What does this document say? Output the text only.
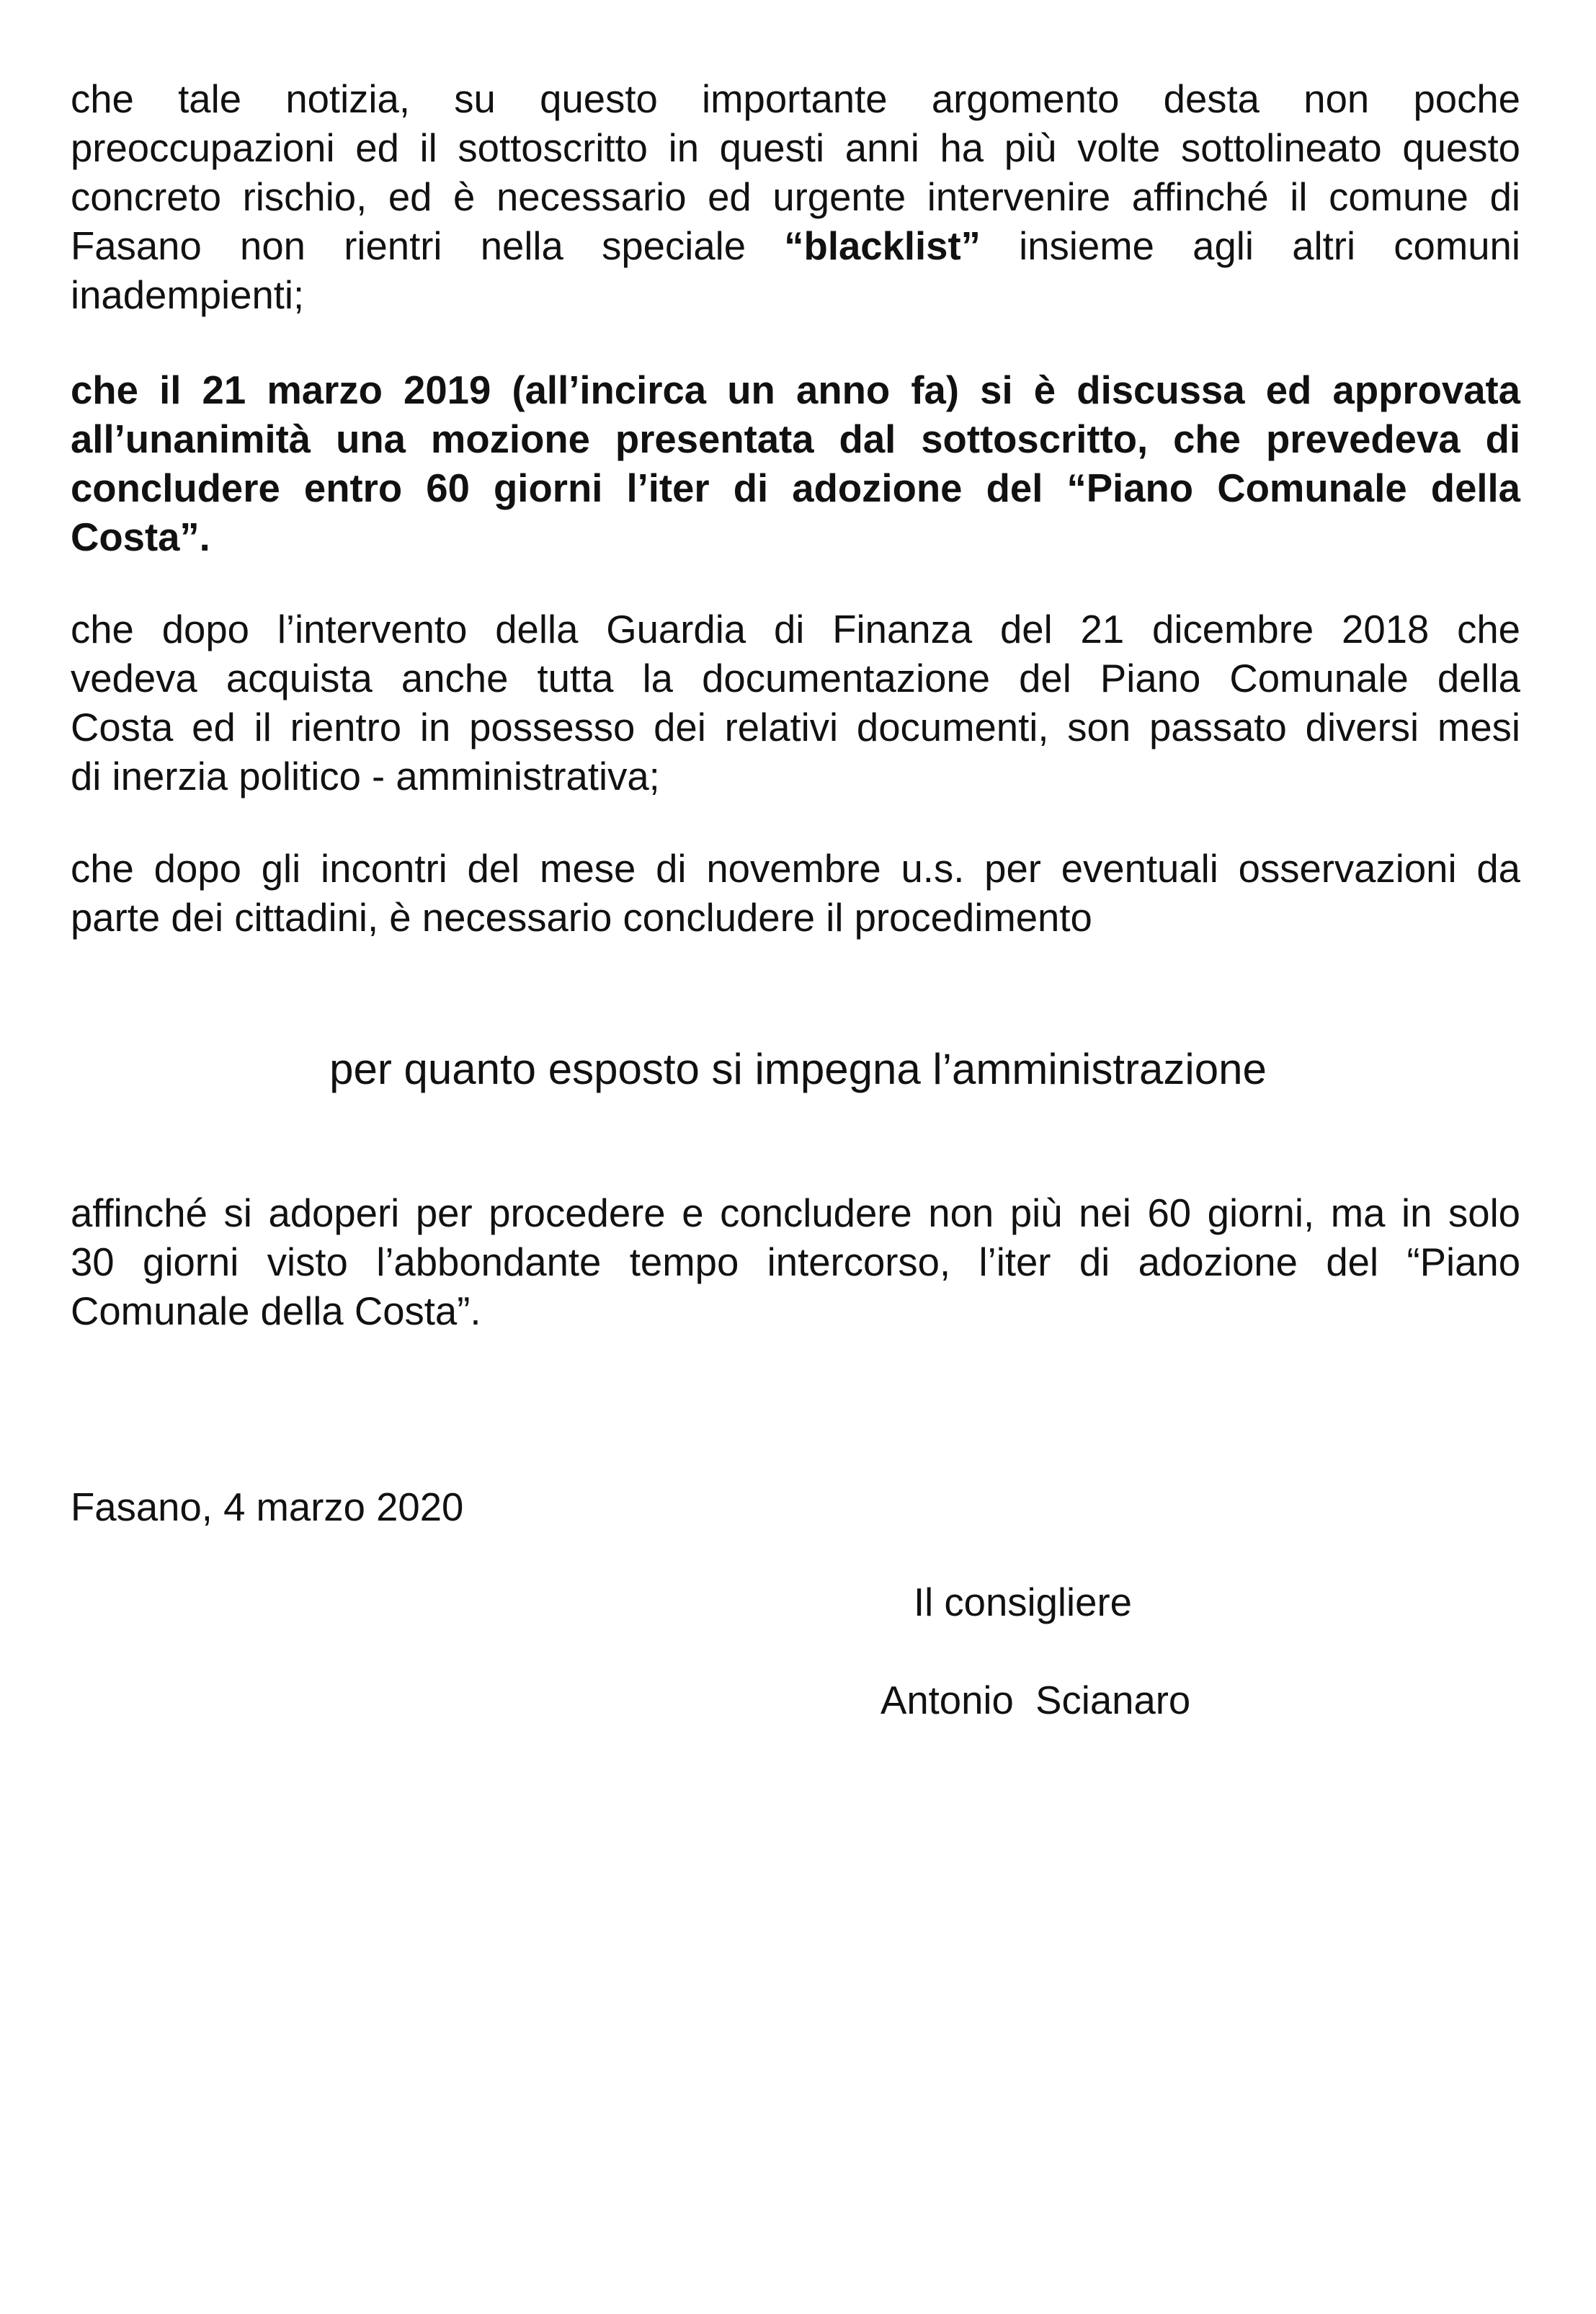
che tale notizia, su questo importante argomento desta non poche
preoccupazioni ed il sottoscritto in questi anni ha più volte sottolineato questo
concreto rischio, ed è necessario ed urgente intervenire affinché il comune di
Fasano non rientri nella speciale “blacklist” insieme agli altri comuni
inadempienti;

che il 21 marzo 2019 (all’incirca un anno fa) si è discussa ed approvata
all’unanimità una mozione presentata dal sottoscritto, che prevedeva di
concludere entro 60 giorni l’iter di adozione del “Piano Comunale della
Costa”.

che dopo l’intervento della Guardia di Finanza del 21 dicembre 2018 che
vedeva acquista anche tutta la documentazione del Piano Comunale della
Costa ed il rientro in possesso dei relativi documenti, son passato diversi mesi
di inerzia politico - amministrativa;

che dopo gli incontri del mese di novembre u.s. per eventuali osservazioni da
parte dei cittadini, è necessario concludere il procedimento

per quanto esposto si impegna l’amministrazione

affinché si adoperi per procedere e concludere non più nei 60 giorni, ma in solo
30 giorni visto l’abbondante tempo intercorso, l’iter di adozione del “Piano
Comunale della Costa”.

Fasano, 4 marzo 2020

Il consigliere

Antonio  Scianaro
